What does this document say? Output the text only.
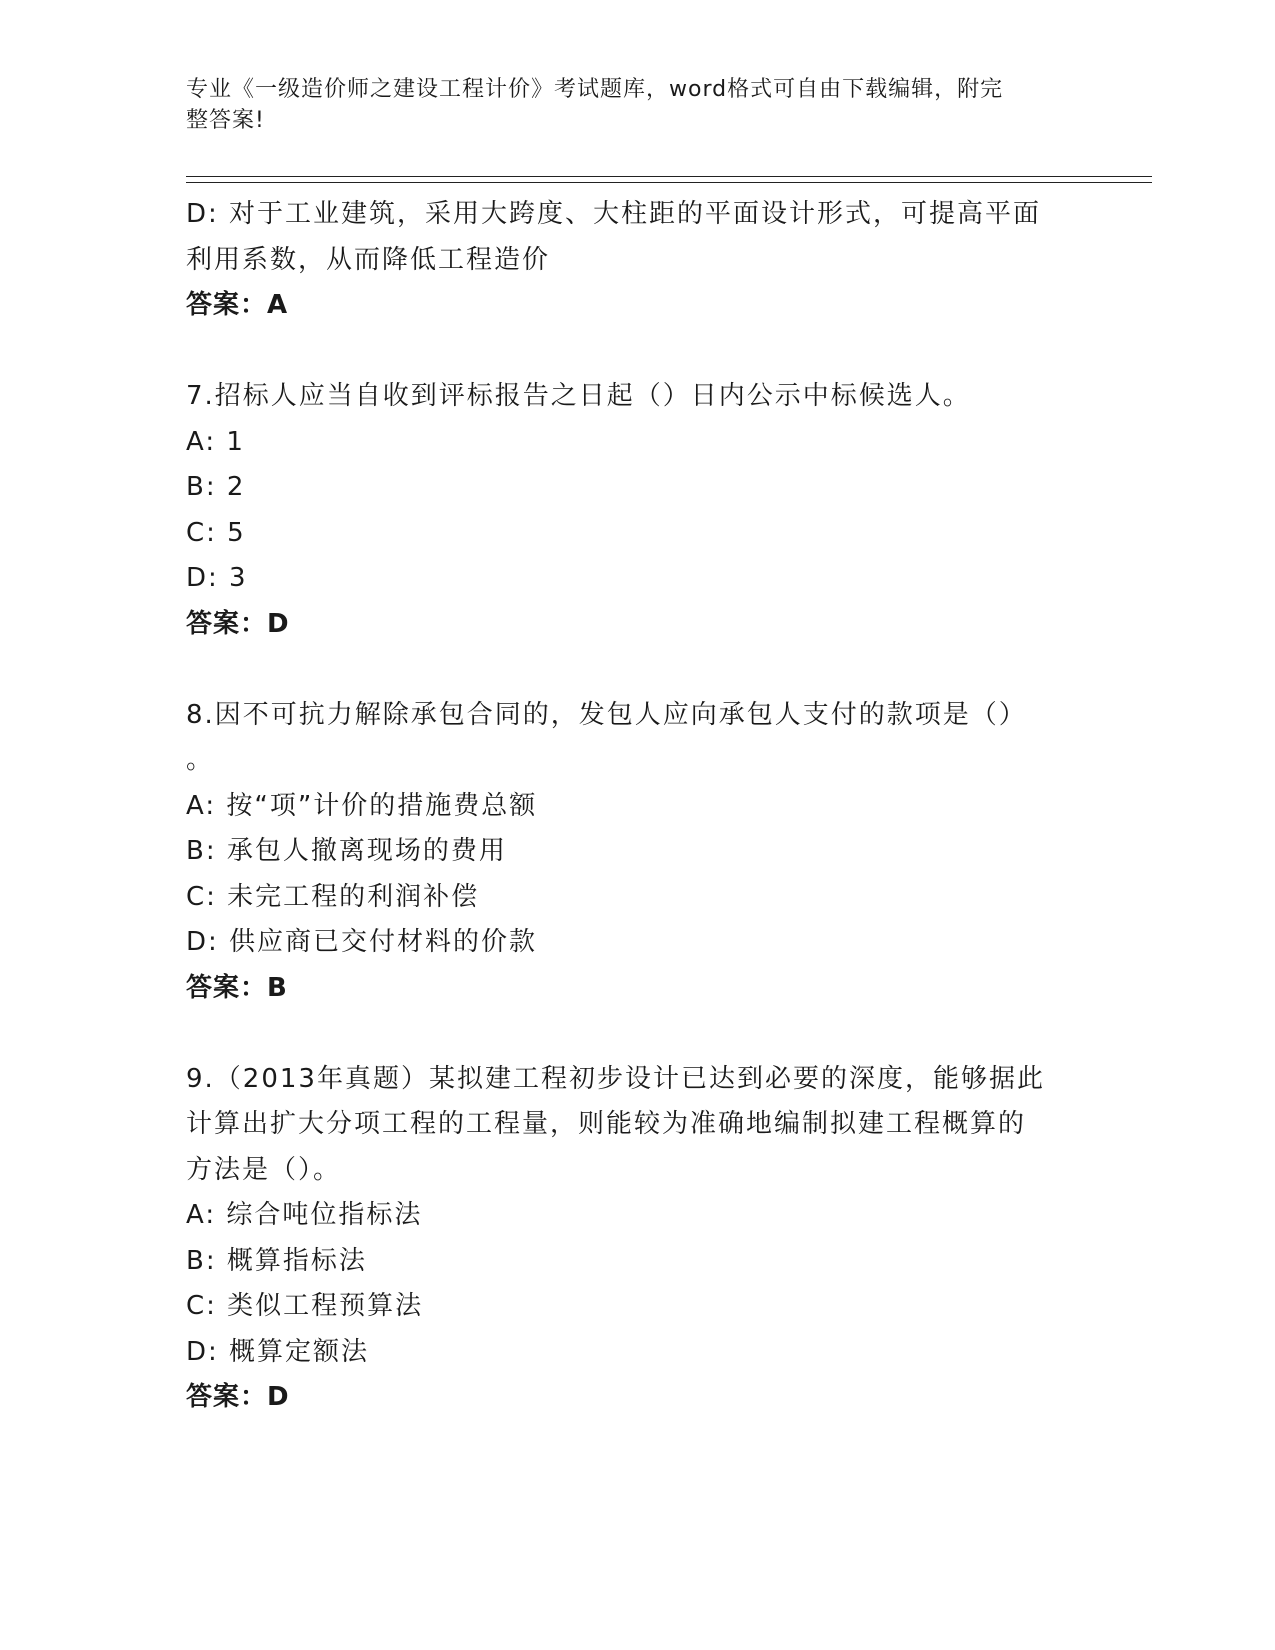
专业《一级造价师之建设工程计价》考试题库，word格式可自由下载编辑，附完
整答案!
D: 对于工业建筑，采用大跨度、大柱距的平面设计形式，可提高平面
利用系数，从而降低工程造价
答案：A
7.招标人应当自收到评标报告之日起（）日内公示中标候选人。
A: 1
B: 2
C: 5
D: 3
答案：D
8.因不可抗力解除承包合同的，发包人应向承包人支付的款项是（）
。
A: 按“项”计价的措施费总额
B: 承包人撤离现场的费用
C: 未完工程的利润补偿
D: 供应商已交付材料的价款
答案：B
9.（2013年真题）某拟建工程初步设计已达到必要的深度，能够据此
计算出扩大分项工程的工程量，则能较为准确地编制拟建工程概算的
方法是（）。
A: 综合吨位指标法
B: 概算指标法
C: 类似工程预算法
D: 概算定额法
答案：D
